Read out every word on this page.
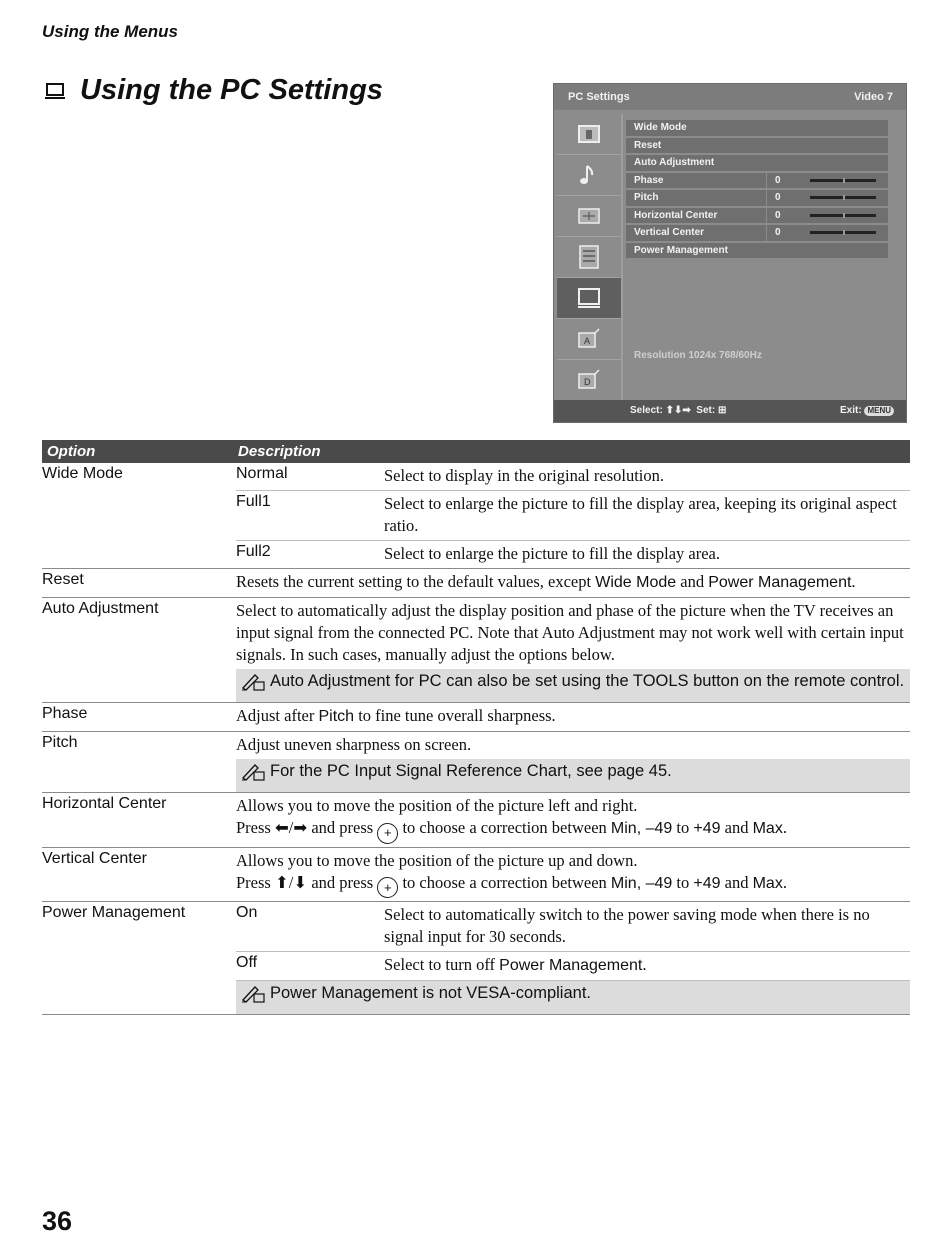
Using the Menus
Using the PC Settings	PC Settings	Video 7
A
D
Wide Mode
Reset
Auto Adjustment
Phase	0
Pitch	0
Horizontal Center	0
Vertical Center	0
Power Management
Resolution 1024x 768/60Hz
Select: ⬆⬇➡ Set: ⊞	Exit: MENU
Option	Description
Wide Mode	Normal	Select to display in the original resolution.
Full1	Select to enlarge the picture to fill the display area, keeping its original aspect ratio.
Full2	Select to enlarge the picture to fill the display area.
Reset	Resets the current setting to the default values, except Wide Mode and Power Management.
Auto Adjustment	Select to automatically adjust the display position and phase of the picture when the TV receives an input signal from the connected PC. Note that Auto Adjustment may not work well with certain input signals. In such cases, manually adjust the options below.
Auto Adjustment for PC can also be set using the TOOLS button on the remote control.
Phase	Adjust after Pitch to fine tune overall sharpness.
Pitch	Adjust uneven sharpness on screen.
For the PC Input Signal Reference Chart, see page 45.
Horizontal Center	Allows you to move the position of the picture left and right.
Press ⬅/➡ and press + to choose a correction between Min, –49 to +49 and Max.
Vertical Center	Allows you to move the position of the picture up and down.
Press ⬆/⬇ and press + to choose a correction between Min, –49 to +49 and Max.
Power Management	On	Select to automatically switch to the power saving mode when there is no signal input for 30 seconds.
Off	Select to turn off Power Management.
Power Management is not VESA-compliant.
36
